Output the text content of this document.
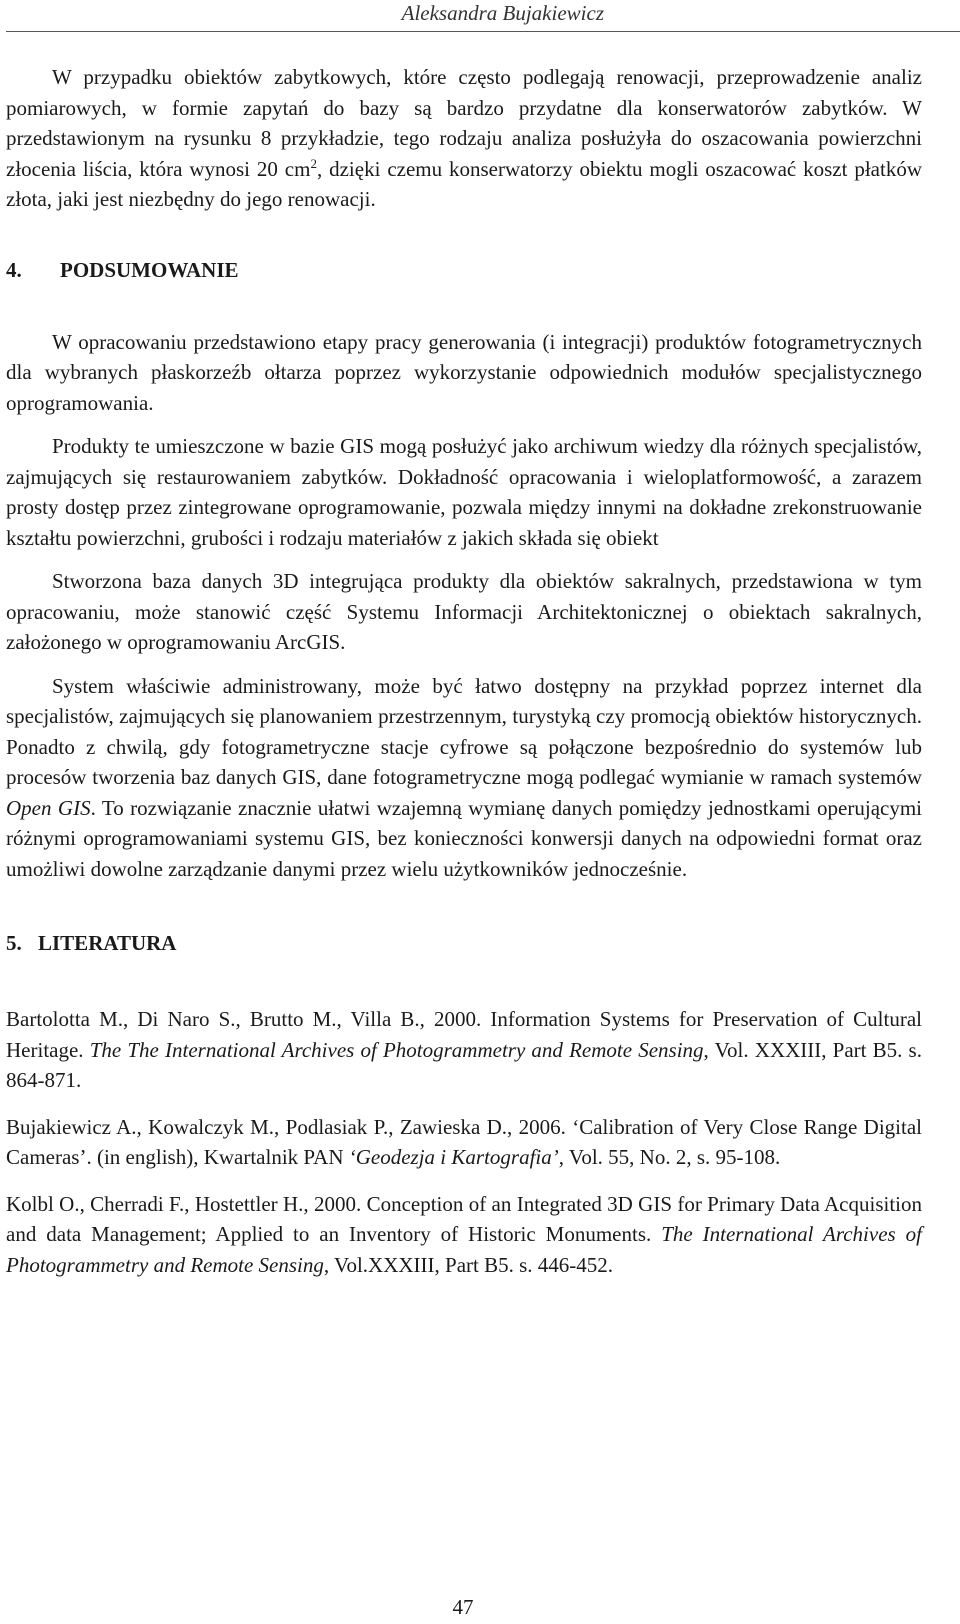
Aleksandra Bujakiewicz

W przypadku obiektów zabytkowych, które często podlegają renowacji, przeprowadzenie analiz pomiarowych, w formie zapytań do bazy są bardzo przydatne dla konserwatorów zabytków. W przedstawionym na rysunku 8 przykładzie, tego rodzaju analiza posłużyła do oszacowania powierzchni złocenia liścia, która wynosi 20 $cm^2$, dzięki czemu konserwatorzy obiektu mogli oszacować koszt płatków złota, jaki jest niezbędny do jego renowacji.

4. PODSUMOWANIE

W opracowaniu przedstawiono etapy pracy generowania (i integracji) produktów fotogrametrycznych dla wybranych płaskorzeźb ołtarza poprzez wykorzystanie odpowiednich modułów specjalistycznego oprogramowania.

Produkty te umieszczone w bazie GIS mogą posłużyć jako archiwum wiedzy dla różnych specjalistów, zajmujących się restaurowaniem zabytków. Dokładność opracowania i wieloplatformowość, a zarazem prosty dostęp przez zintegrowane oprogramowanie, pozwala między innymi na dokładne zrekonstruowanie kształtu powierzchni, grubości i rodzaju materiałów z jakich składa się obiekt

Stworzona baza danych 3D integrująca produkty dla obiektów sakralnych, przedstawiona w tym opracowaniu, może stanowić część Systemu Informacji Architektonicznej o obiektach sakralnych, założonego w oprogramowaniu ArcGIS.

System właściwie administrowany, może być łatwo dostępny na przykład poprzez internet dla specjalistów, zajmujących się planowaniem przestrzennym, turystyką czy promocją obiektów historycznych. Ponadto z chwilą, gdy fotogrametryczne stacje cyfrowe są połączone bezpośrednio do systemów lub procesów tworzenia baz danych GIS, dane fotogrametryczne mogą podlegać wymianie w ramach systemów Open GIS. To rozwiązanie znacznie ułatwi wzajemną wymianę danych pomiędzy jednostkami operującymi różnymi oprogramowaniami systemu GIS, bez konieczności konwersji danych na odpowiedni format oraz umożliwi dowolne zarządzanie danymi przez wielu użytkowników jednocześnie.

5. LITERATURA

Bartolotta M., Di Naro S., Brutto M., Villa B., 2000. Information Systems for Preservation of Cultural Heritage. The The International Archives of Photogrammetry and Remote Sensing, Vol. XXXIII, Part B5. s. 864-871.

Bujakiewicz A., Kowalczyk M., Podlasiak P., Zawieska D., 2006. ‘Calibration of Very Close Range Digital Cameras’. (in english), Kwartalnik PAN ‘Geodezja i Kartografia’, Vol. 55, No. 2, s. 95-108.

Kolbl O., Cherradi F., Hostettler H., 2000. Conception of an Integrated 3D GIS for Primary Data Acquisition and data Management; Applied to an Inventory of Historic Monuments. The International Archives of Photogrammetry and Remote Sensing, Vol.XXXIII, Part B5. s. 446-452.

47
